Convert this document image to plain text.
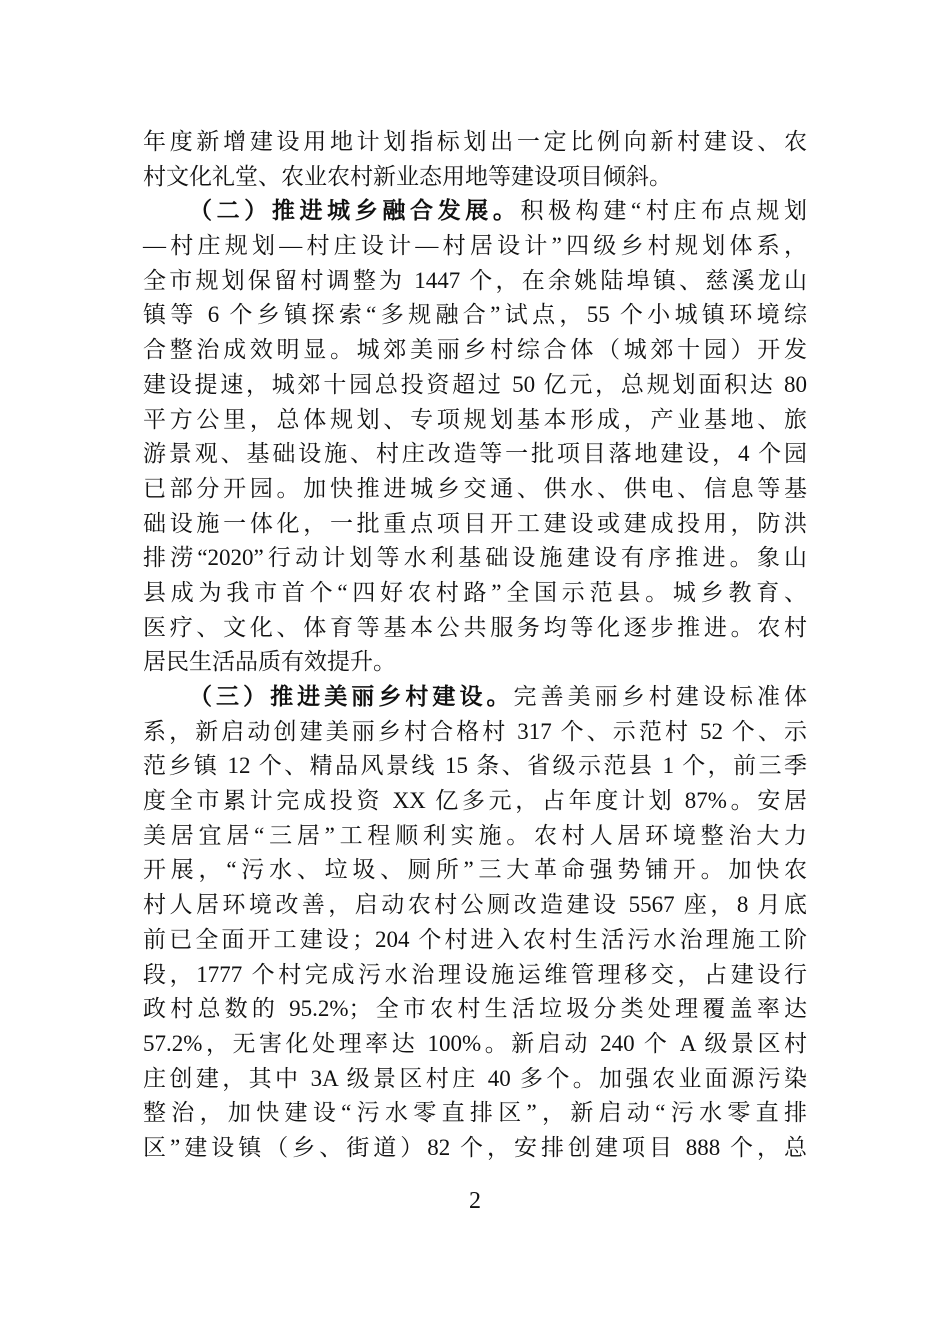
年度新增建设用地计划指标划出一定比例向新村建设、农
村文化礼堂、农业农村新业态用地等建设项目倾斜。
（二）推进城乡融合发展。积极构建“村庄布点规划
—村庄规划—村庄设计—村居设计”四级乡村规划体系，
全市规划保留村调整为 1447 个，在余姚陆埠镇、慈溪龙山
镇等 6 个乡镇探索“多规融合”试点，55 个小城镇环境综
合整治成效明显。城郊美丽乡村综合体（城郊十园）开发
建设提速，城郊十园总投资超过 50 亿元，总规划面积达 80
平方公里，总体规划、专项规划基本形成，产业基地、旅
游景观、基础设施、村庄改造等一批项目落地建设，4 个园
已部分开园。加快推进城乡交通、供水、供电、信息等基
础设施一体化，一批重点项目开工建设或建成投用，防洪
排涝“2020”行动计划等水利基础设施建设有序推进。象山
县成为我市首个“四好农村路”全国示范县。城乡教育、
医疗、文化、体育等基本公共服务均等化逐步推进。农村
居民生活品质有效提升。
（三）推进美丽乡村建设。完善美丽乡村建设标准体
系，新启动创建美丽乡村合格村 317 个、示范村 52 个、示
范乡镇 12 个、精品风景线 15 条、省级示范县 1 个，前三季
度全市累计完成投资 XX 亿多元，占年度计划 87%。安居
美居宜居“三居”工程顺利实施。农村人居环境整治大力
开展，“污水、垃圾、厕所”三大革命强势铺开。加快农
村人居环境改善，启动农村公厕改造建设 5567 座，8 月底
前已全面开工建设；204 个村进入农村生活污水治理施工阶
段，1777 个村完成污水治理设施运维管理移交，占建设行
政村总数的 95.2%；全市农村生活垃圾分类处理覆盖率达
57.2%，无害化处理率达 100%。新启动 240 个 A 级景区村
庄创建，其中 3A 级景区村庄 40 多个。加强农业面源污染
整治，加快建设“污水零直排区”，新启动“污水零直排
区”建设镇（乡、街道）82 个，安排创建项目 888 个，总
2
